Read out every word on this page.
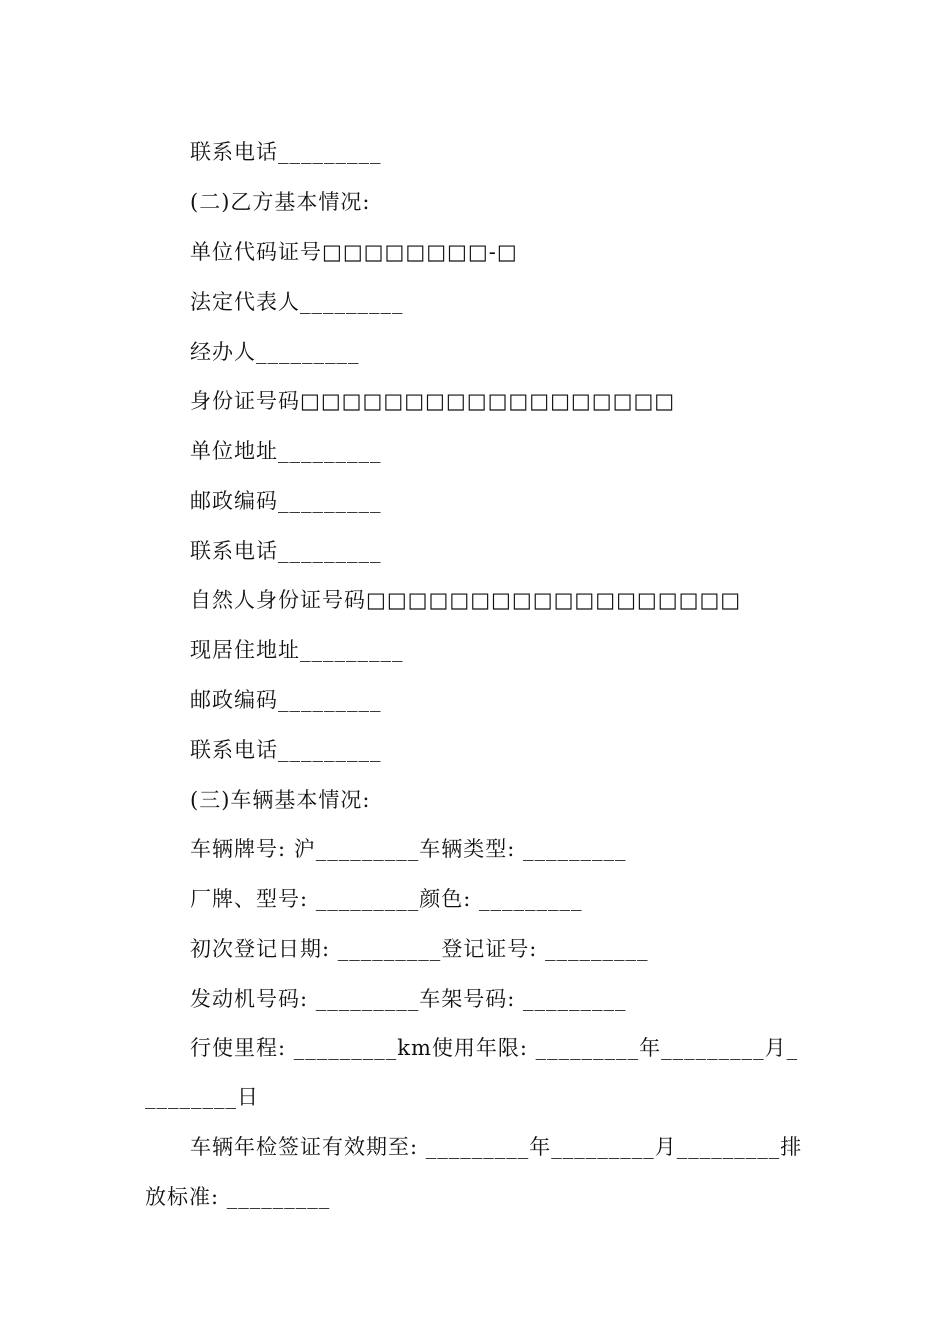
联系电话_________
(二)乙方基本情况:
单位代码证号□□□□□□□□-□
法定代表人_________
经办人_________
身份证号码□□□□□□□□□□□□□□□□□□
单位地址_________
邮政编码_________
联系电话_________
自然人身份证号码□□□□□□□□□□□□□□□□□□
现居住地址_________
邮政编码_________
联系电话_________
(三)车辆基本情况:
车辆牌号: 沪_________车辆类型: _________
厂牌、型号: _________颜色: _________
初次登记日期: _________登记证号: _________
发动机号码: _________车架号码: _________
行使里程: _________km使用年限: _________年_________月_
________日
车辆年检签证有效期至: _________年_________月_________排
放标准: _________
